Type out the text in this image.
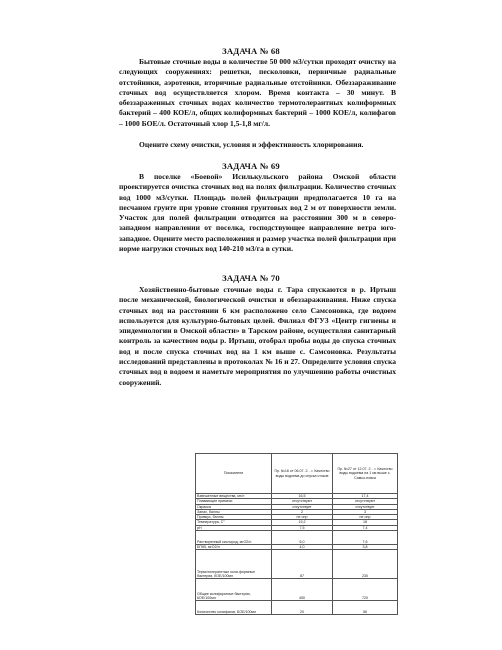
ЗАДАЧА № 68

Бытовые сточные воды в количестве 50 000 м3/сутки проходят очистку на следующих сооружениях: решетки, песколовки, первичные радиальные отстойники, аэротенки, вторичные радиальные отстойники. Обеззараживание сточных вод осуществляется хлором. Время контакта – 30 минут. В обеззараженных сточных водах количество термотолерантных колиформных бактерий – 400 КОЕ/л, общих колиформных бактерий – 1000 КОЕ/л, колифагов – 1000 БОЕ/л. Остаточный хлор 1,5-1,8 мг/л.

Оцените схему очистки, условия и эффективность хлорирования.

ЗАДАЧА № 69

В поселке «Боевой» Исилькульского района Омской области проектируется очистка сточных вод на полях фильтрации. Количество сточных вод 1000 м3/сутки. Площадь полей фильтрации предполагается 10 га на песчаном грунте при уровне стояния грунтовых вод 2 м от поверхности земли. Участок для полей фильтрации отводится на расстоянии 300 м в северо-западном направлении от поселка, господствующее направление ветра юго-западное. Оцените место расположения и размер участка полей фильтрации при норме нагрузки сточных вод 140-210 м3/га в сутки.

ЗАДАЧА № 70

Хозяйственно-бытовые сточные воды г. Тара спускаются в р. Иртыш после механической, биологической очистки и обеззараживания. Ниже спуска сточных вод на расстоянии 6 км расположено село Самсоновка, где водоем используется для культурно-бытовых целей. Филиал ФГУЗ «Центр гигиены и эпидемиологии в Омской области» в Тарском районе, осуществляя санитарный контроль за качеством воды р. Иртыш, отобрал пробы воды до спуска сточных вод и после спуска сточных вод на 1 км выше с. Самсоновка. Результаты исследований представлены в протоколах № 16 и 27. Определите условия спуска сточных вод в водоем и наметьте мероприятия по улучшению работы очистных сооружений.

Показатели	Пр. №16 от 06.07. 2. . г. Качество воды водоема до спуска стоков	Пр. №27 от 12.07. 2. . г. Качество воды водоема на 1 км выше с. Самсо-новка
Взвешенные вещества, мг/л	16,5	17,4
Плавающие примеси	отсутствуют	отсутствуют
Окраска	отсутствует	отсутствует
Запах, баллы	2	3
Привкус, баллы	не опр	не опр
Температура, С°	19,2	18
рН	7,5	7,4
Растворенный кислород, мгО2/л	6,0	7,6
БПК5, мгО2/л	4,0	3,8
Термотолерантные коли-формные бактерии, КОЕ/100мл	87	230
Общие колиформные бактерии, КОЕ/100мл	450	720
Количество колифагов, БОЕ/100мл	20	56
